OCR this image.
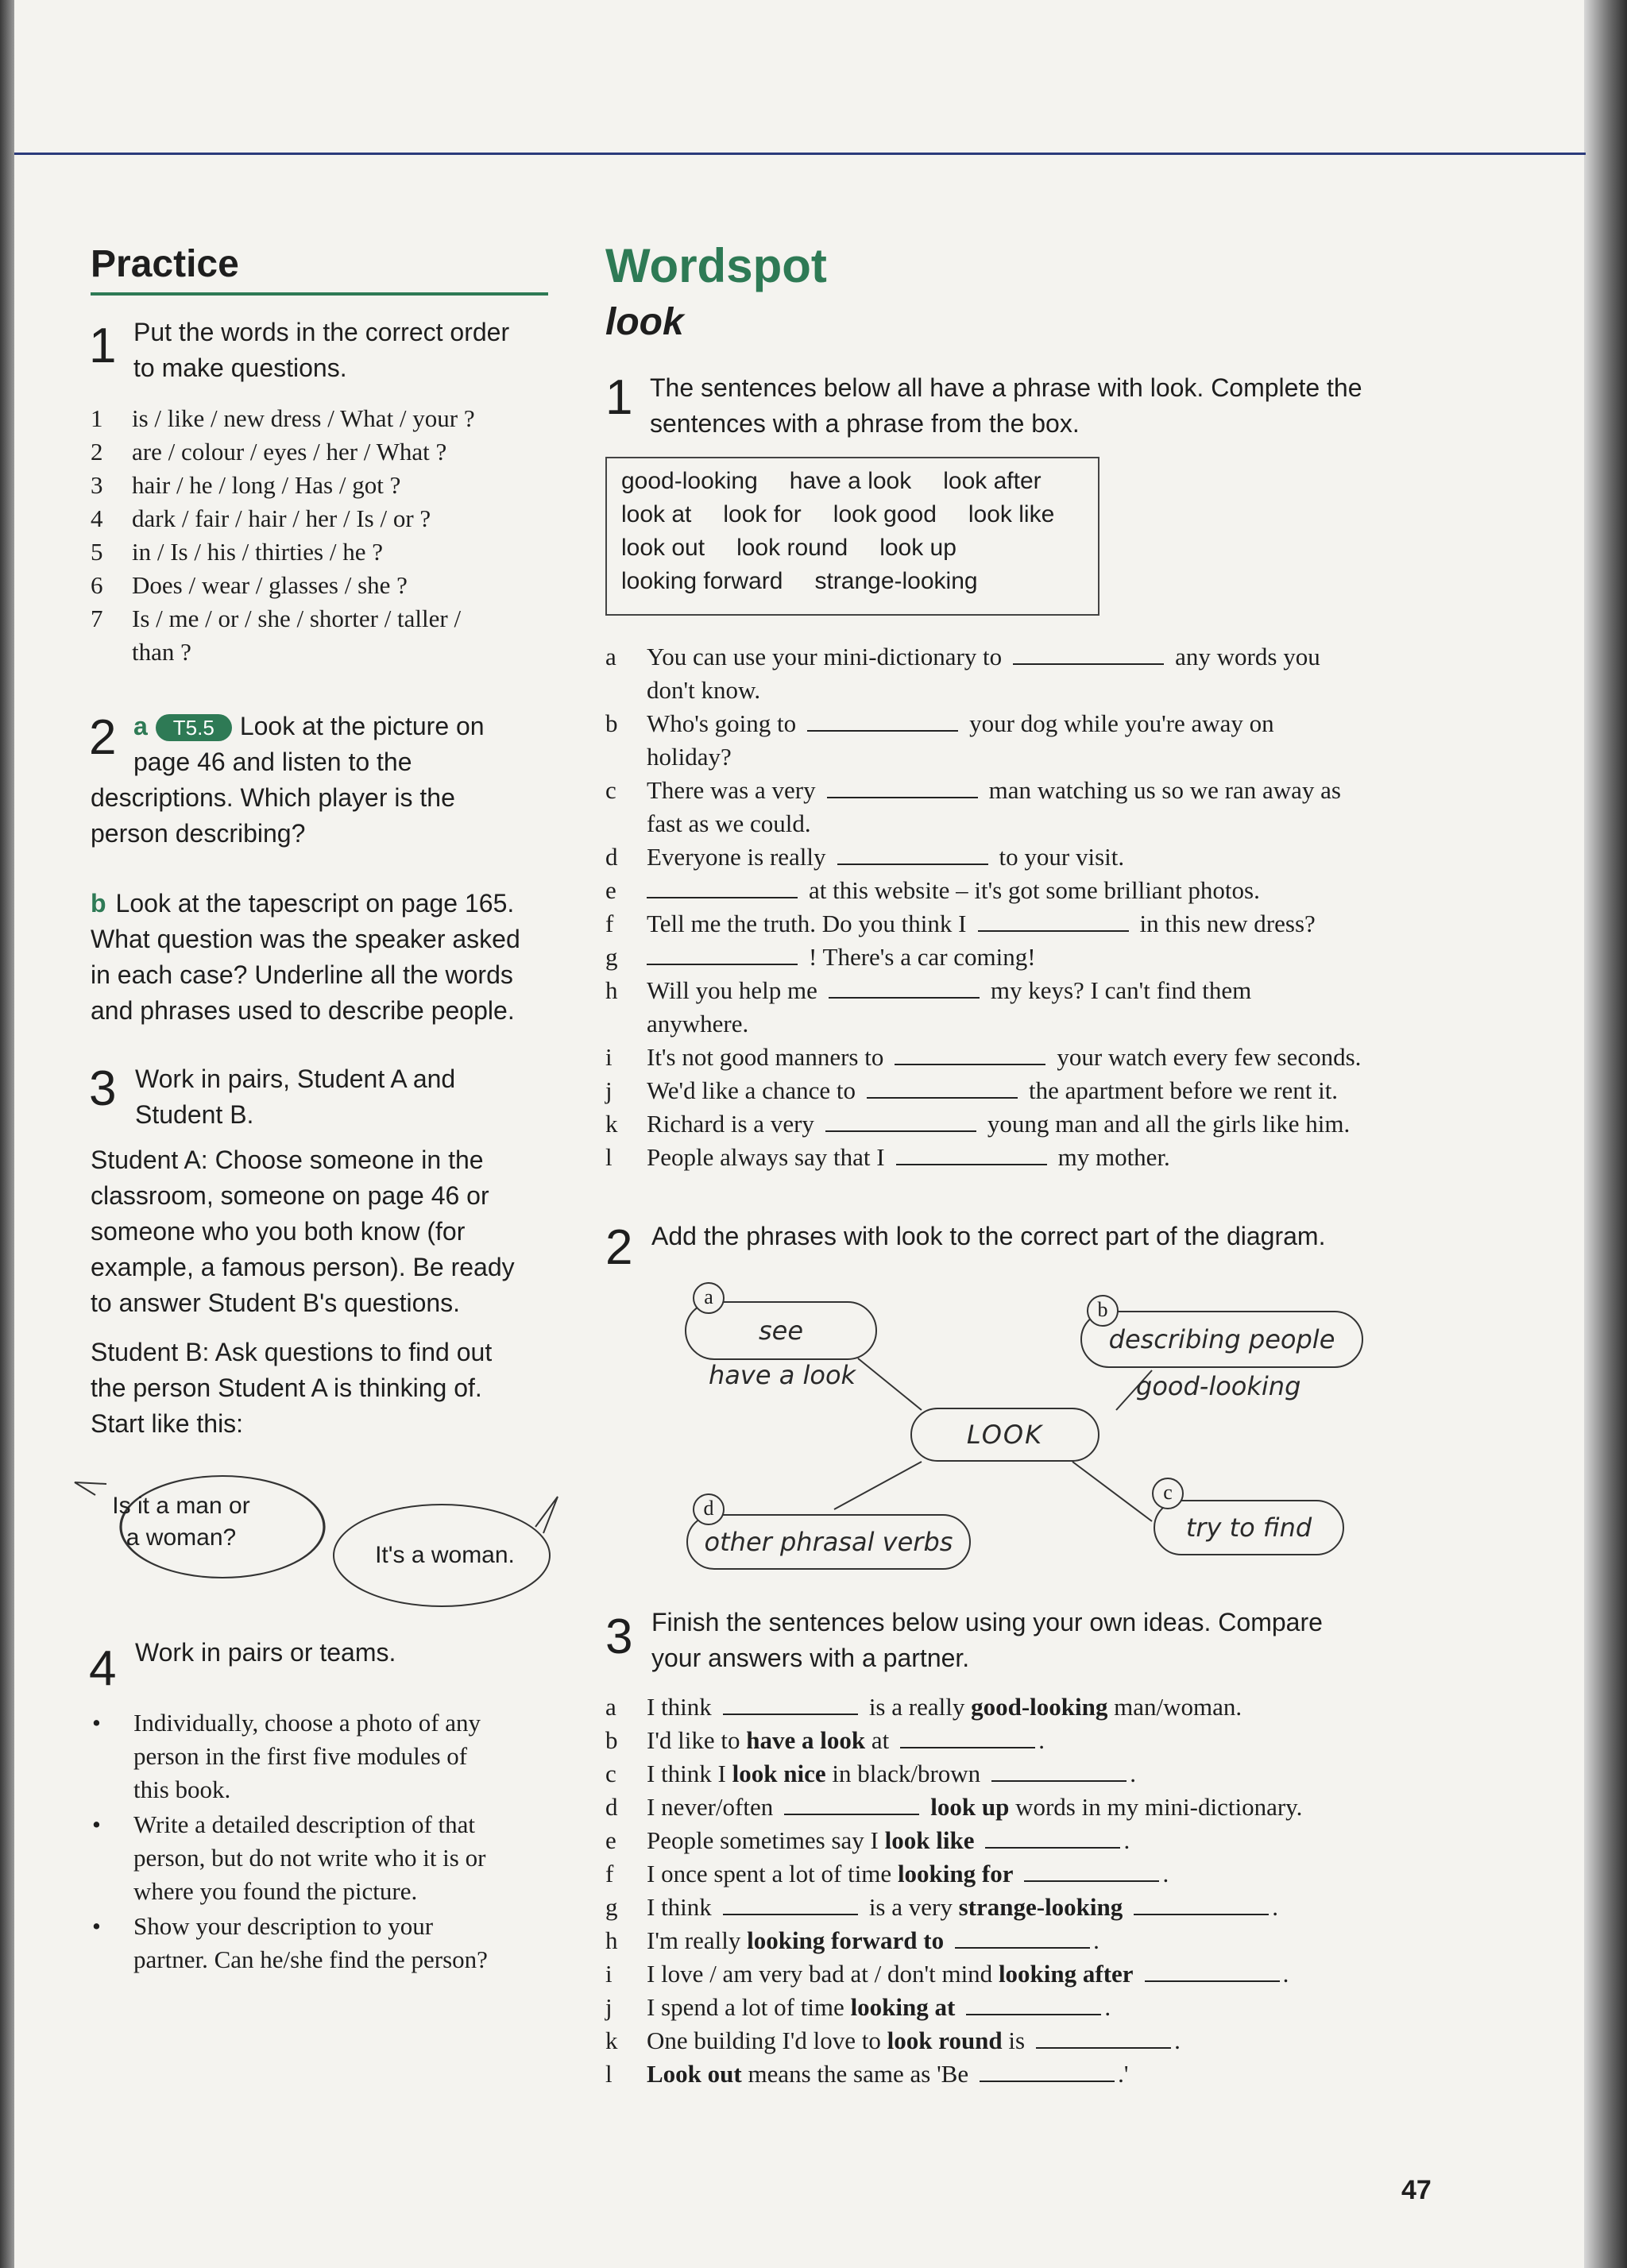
Practice
1 Put the words in the correct order to make questions.
1 is / like / new dress / What / your ?
2 are / colour / eyes / her / What ?
3 hair / he / long / Has / got ?
4 dark / fair / hair / her / Is / or ?
5 in / Is / his / thirties / he ?
6 Does / wear / glasses / she ?
7 Is / me / or / she / shorter / taller /
than ?
2 a T5.5 Look at the picture on
page 46 and listen to the
descriptions. Which player is the
person describing?
b Look at the tapescript on page 165.
What question was the speaker asked
in each case? Underline all the words
and phrases used to describe people.
3 Work in pairs, Student A and
Student B.
Student A: Choose someone in the
classroom, someone on page 46 or
someone who you both know (for
example, a famous person). Be ready
to answer Student B's questions.
Student B: Ask questions to find out
the person Student A is thinking of.
Start like this:
Is it a man or
a woman?
It's a woman.
4 Work in pairs or teams.
• Individually, choose a photo of any
person in the first five modules of
this book.
• Write a detailed description of that
person, but do not write who it is or
where you found the picture.
• Show your description to your
partner. Can he/she find the person?
Wordspot
look
1 The sentences below all have a phrase with look. Complete the
sentences with a phrase from the box.
good-looking have a look look after
look at look for look good look like
look out look round look up
looking forward strange-looking
a You can use your mini-dictionary to	any words you
don't know.
b Who's going to	your dog while you're away on
holiday?
c There was a very	man watching us so we ran away as
fast as we could.
d Everyone is really	to your visit.
e	at this website – it's got some brilliant photos.
f Tell me the truth. Do you think I	in this new dress?
g	! There's a car coming!
h Will you help me	my keys? I can't find them
anywhere.
i It's not good manners to	your watch every few seconds.
j We'd like a chance to	the apartment before we rent it.
k Richard is a very	young man and all the girls like him.
l People always say that I	my mother.
2 Add the phrases with look to the correct part of the diagram.
see
a
have a look
describing people
b
good-looking
LOOK
try to find
c
other phrasal verbs
d
3 Finish the sentences below using your own ideas. Compare
your answers with a partner.
a I think	is a really good-looking man/woman.
b I'd like to have a look at	.
c I think I look nice in black/brown	.
d I never/often	look up words in my mini-dictionary.
e People sometimes say I look like	.
f I once spent a lot of time looking for	.
g I think	is a very strange-looking	.
h I'm really looking forward to	.
i I love / am very bad at / don't mind looking after	.
j I spend a lot of time looking at	.
k One building I'd love to look round is	.
l Look out means the same as 'Be	.'
47
